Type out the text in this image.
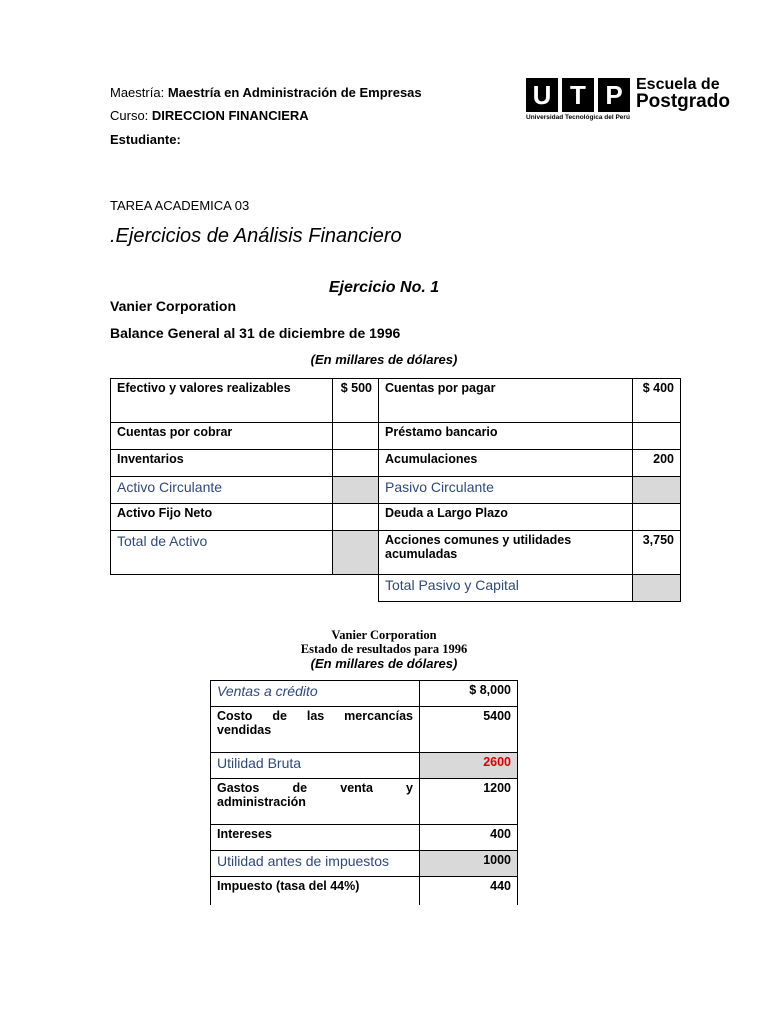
Maestría: Maestría en Administración de Empresas
Curso: DIRECCION FINANCIERA
Estudiante:
U T P Escuela de
Postgrado
Universidad Tecnológica del Perú
TAREA ACADEMICA 03
.Ejercicios de Análisis Financiero
Ejercicio No. 1
Vanier Corporation
Balance General al 31 de diciembre de 1996
(En millares de dólares)
Efectivo y valores realizables	$ 500	Cuentas por pagar	$ 400
Cuentas por cobrar		Préstamo bancario	
Inventarios		Acumulaciones	200
Activo Circulante		Pasivo Circulante	
Activo Fijo Neto		Deuda a Largo Plazo	
Total de Activo		Acciones comunes y utilidades acumuladas	3,750
		Total Pasivo y Capital	
Vanier Corporation
Estado de resultados para 1996
(En millares de dólares)
Ventas a crédito	$ 8,000
Costo de las mercancías vendidas	5400
Utilidad Bruta	2600
Gastos de venta y administración	1200
Intereses	400
Utilidad antes de impuestos	1000
Impuesto (tasa del 44%)	440
